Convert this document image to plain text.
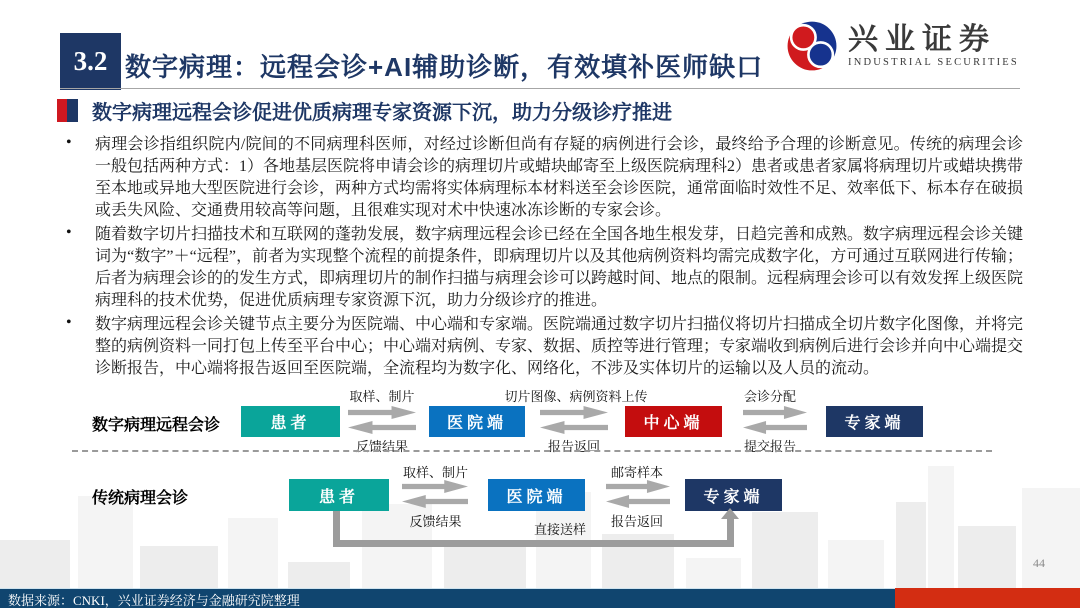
3.2 数字病理：远程会诊+AI辅助诊断，有效填补医师缺口
兴业证券
INDUSTRIAL SECURITIES
数字病理远程会诊促进优质病理专家资源下沉，助力分级诊疗推进
•	病理会诊指组织院内/院间的不同病理科医师，对经过诊断但尚有存疑的病例进行会诊，最终给予合理的诊断意见。传统的病理会诊一般包括两种方式：1）各地基层医院将申请会诊的病理切片或蜡块邮寄至上级医院病理科2）患者或患者家属将病理切片或蜡块携带至本地或异地大型医院进行会诊，两种方式均需将实体病理标本材料送至会诊医院，通常面临时效性不足、效率低下、标本存在破损或丢失风险、交通费用较高等问题，且很难实现对术中快速冰冻诊断的专家会诊。

•	随着数字切片扫描技术和互联网的蓬勃发展，数字病理远程会诊已经在全国各地生根发芽，日趋完善和成熟。数字病理远程会诊关键词为“数字”＋“远程”，前者为实现整个流程的前提条件，即病理切片以及其他病例资料均需完成数字化，方可通过互联网进行传输；后者为病理会诊的的发生方式，即病理切片的制作扫描与病理会诊可以跨越时间、地点的限制。远程病理会诊可以有效发挥上级医院病理科的技术优势，促进优质病理专家资源下沉，助力分级诊疗的推进。

•	数字病理远程会诊关键节点主要分为医院端、中心端和专家端。医院端通过数字切片扫描仪将切片扫描成全切片数字化图像，并将完整的病例资料一同打包上传至平台中心；中心端对病例、专家、数据、质控等进行管理；专家端收到病例后进行会诊并向中心端提交诊断报告，中心端将报告返回至医院端，全流程均为数字化、网络化，不涉及实体切片的运输以及人员的流动。

数字病理远程会诊	患者
取样、制片
反馈结果
医院端
切片图像、病例资料上传
报告返回
中心端
会诊分配
提交报告
专家端
传统病理会诊	患者
取样、制片
反馈结果
医院端
邮寄样本
报告返回
专家端
直接送样
44
数据来源：CNKI，兴业证券经济与金融研究院整理
